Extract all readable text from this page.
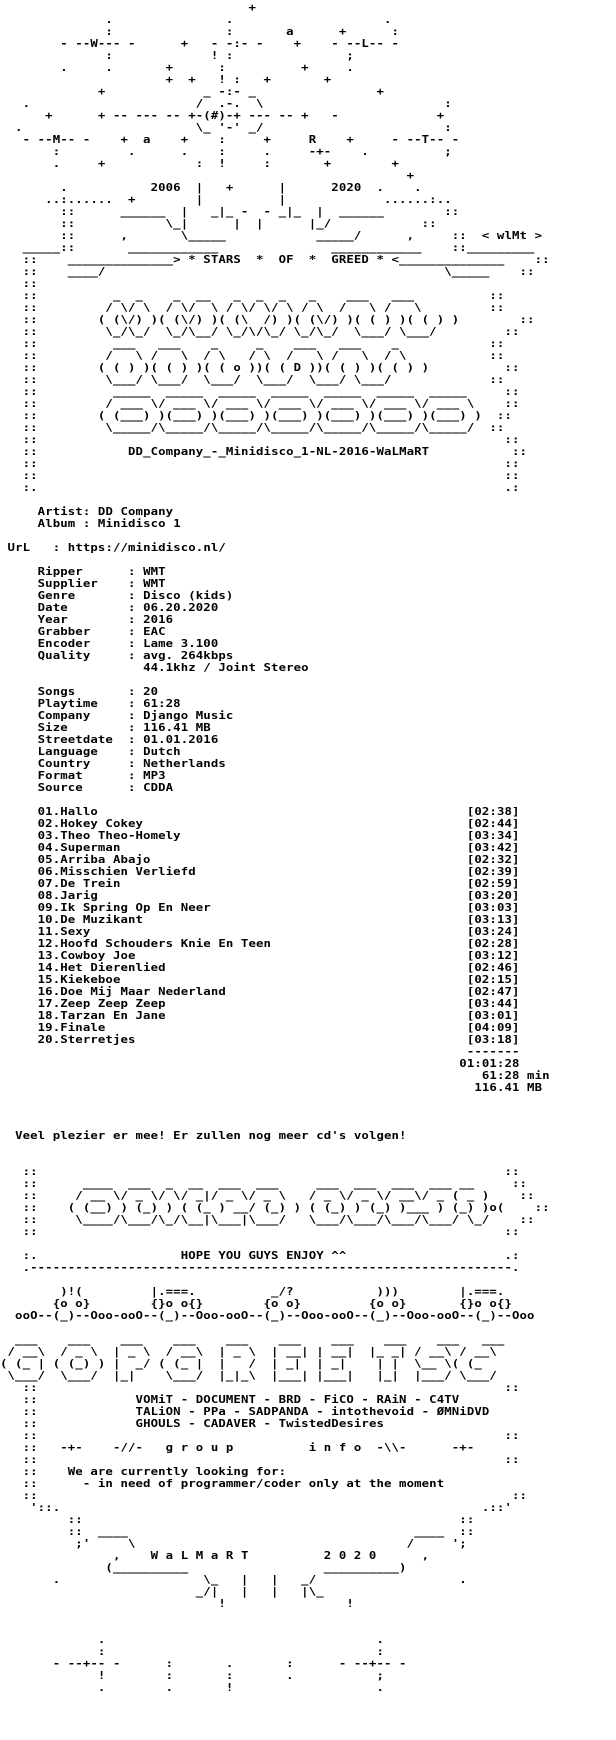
+
.               .                    .
:               :       a      +      :
- --W--- -      +   - -:- -    +    - --L-- -
:             ! :               ;
.     .       +      :          +     .
+  +   ! :   +       +
+             _ -:- _                +
.                      /  .-.  \                        :
+      + -- --- -- +-(#)-+ --- -- +   -             +
.                       \_ '-' _/                        :
- --M-- -    +  a    +    :     +     R    +     - --T-- -
:         .      .    :     .     -+-    .          ;
.     +            :  !     :       +        +
+
.           2006  |   +      |      2020  .    .
..:......  +        |          |             ......:..
::      ______  |   _|_ -  - _|_  |  ______        ::
::            \_|      |  |      |_/            ::
::      ,       \_____            _____/      ,     ::  < wlMt >
_____::       ____________               ____________    ::_________
::    ______________> * STARS  *  OF  *  GREED * <______________    ::
::    ____/                                             \_____    ::
::
::          _  _    _  __   _  _  _   _    ___   ___          ::
::         / \/ \  / \/  \ / \/ \/ \ / \  /   \ /   \         ::
::        ( (\/) )( (\/) )( (\  /) )( (\/) )( ( ) )( ( ) )        ::
::         \_/\_/  \_/\__/ \_/\/\_/ \_/\_/  \___/ \___/         ::
::          ___   ___    _     _    ___   ___    _            ::
::         /   \ /   \  / \   / \  /   \ /   \  / \           ::
::        ( ( ) )( ( ) )( ( o ))( ( D ))( ( ) )( ( ) )          ::
::         \___/ \___/  \___/  \___/  \___/ \___/             ::
::          _____  _____  _____  _____  _____  _____  _____     ::
::         / ___ \/ ___ \/ ___ \/ ___ \/ ___ \/ ___ \/ ___ \    ::
::        ( (___) )(___) )(___) )(___) )(___) )(___) )(___) )  ::
::         \_____/\_____/\_____/\_____/\_____/\_____/\_____/  ::
::                                                              ::
::            DD_Company_-_Minidisco_1-NL-2016-WaLMaRT           ::
::                                                              ::
::                                                              ::
:.                                                              .:

Artist: DD Company
Album : Minidisco 1

UrL   : https://minidisco.nl/

Ripper      : WMT
Supplier    : WMT
Genre       : Disco (kids)
Date        : 06.20.2020
Year        : 2016
Grabber     : EAC
Encoder     : Lame 3.100
Quality     : avg. 264kbps
44.1khz / Joint Stereo

Songs       : 20
Playtime    : 61:28
Company     : Django Music
Size        : 116.41 MB
Streetdate  : 01.01.2016
Language    : Dutch
Country     : Netherlands
Format      : MP3
Source      : CDDA

01.Hallo	[02:38]
02.Hokey Cokey	[02:44]
03.Theo Theo-Homely	[03:34]
04.Superman	[03:42]
05.Arriba Abajo	[02:32]
06.Misschien Verliefd	[02:39]
07.De Trein	[02:59]
08.Jarig	[03:20]
09.Ik Spring Op En Neer	[03:03]
10.De Muzikant	[03:13]
11.Sexy	[03:24]
12.Hoofd Schouders Knie En Teen	[02:28]
13.Cowboy Joe	[03:12]
14.Het Dierenlied	[02:46]
15.Kiekeboe	[02:15]
16.Doe Mij Maar Nederland	[02:47]
17.Zeep Zeep Zeep	[03:44]
18.Tarzan En Jane	[03:01]
19.Finale	[04:09]
20.Sterretjes	[03:18]
-------
01:01:28
61:28 min
116.41 MB

Veel plezier er mee! Er zullen nog meer cd's volgen!

::                                                              ::
::      ____  ___  _  __  ___  ___     ___  ___  ___  ___ __     ::
::     / __ \/ _ \/ \/ _|/ _ \/ _ \   / _ \/ _ \/ __\/ _ ( _ )    ::
::    ( (__) ) (_) ) ( (_ ) __/ (_) ) ( (_) ) (_) )___ ) (_) )o(    ::
::     \____/\___/\_/\__|\___|\___/   \___/\___/\___/\___/ \_/    ::
::                                                              ::

:.                   HOPE YOU GUYS ENJOY ^^                     .:
.----------------------------------------------------------------.

)!(         |.===.          _/?           )))        |.===.
{o o}        {}o o{}        {o o}         {o o}       {}o o{}
ooO--(_)--Ooo-ooO--(_)--Ooo-ooO--(_)--Ooo-ooO--(_)--Ooo-ooO--(_)--Ooo

___    ___    ___    ___    ___    ___    ___    ___    ___   ___
/ __\  / _ \  | _ \  / __\  | _ \  | __| | __|  |_ _| / __\ / __\
( (_ | ( (_) ) |  _/ ( (_ |  |   /  | _|  | _|    | |  \__ \( (_
\___/  \___/  |_|    \___/  |_|_\  |___| |___|   |_|  |___/ \___/
::                                                              ::
::             VOMiT - DOCUMENT - BRD - FiCO - RAiN - C4TV
::             TALiON - PPa - SADPANDA - intothevoid - ØMNiDVD
::             GHOULS - CADAVER - TwistedDesires
::                                                              ::
::   -+-    -//-   g r o u p          i n f o  -\\-      -+-
::                                                              ::
::    We are currently looking for:
::      - in need of programmer/coder only at the moment
::                                                               ::
'::.                                                        .::'
::                                                  ::
::  ____                                      ____  ::
;'     \                                    /     ';
,    W a L M a R T          2 0 2 0      ,
(__________                  __________)
.                   \_   |   |   _/                   .
_/|   |   |   |\_
!                !

.                                    .
:                                    :
- --+-- -      :       .       :      - --+-- -
!        :       :       .           ;
.        .       !                   .
